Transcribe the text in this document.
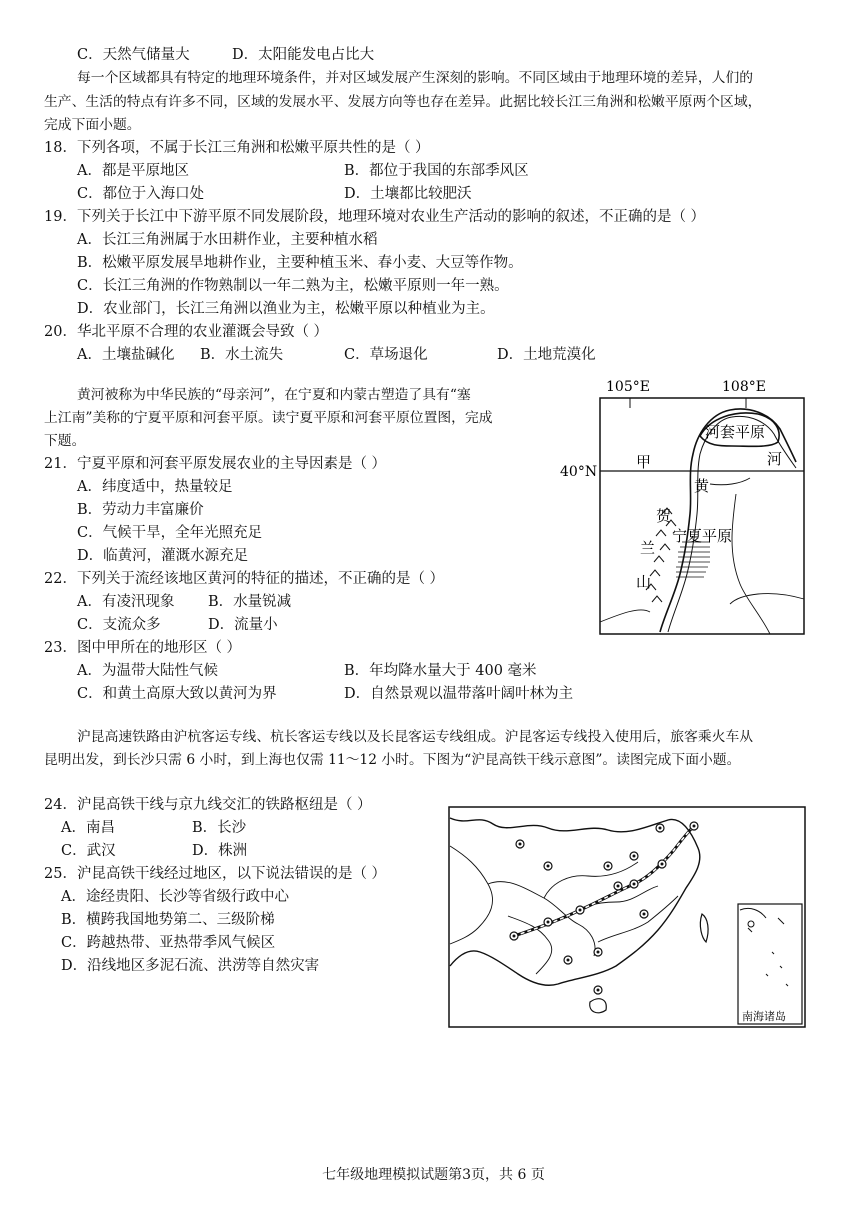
C．天然气储量大	D．太阳能发电占比大
每一个区域都具有特定的地理环境条件，并对区域发展产生深刻的影响。不同区域由于地理环境的差异，人们的
生产、生活的特点有许多不同，区域的发展水平、发展方向等也存在差异。此据比较长江三角洲和松嫩平原两个区域，
完成下面小题。
18．下列各项，不属于长江三角洲和松嫩平原共性的是（ ）
A．都是平原地区	B．都位于我国的东部季风区
C．都位于入海口处	D．土壤都比较肥沃
19．下列关于长江中下游平原不同发展阶段，地理环境对农业生产活动的影响的叙述，不正确的是（ ）
A．长江三角洲属于水田耕作业，主要种植水稻
B．松嫩平原发展旱地耕作业，主要种植玉米、春小麦、大豆等作物。
C．长江三角洲的作物熟制以一年二熟为主，松嫩平原则一年一熟。
D．农业部门，长江三角洲以渔业为主，松嫩平原以种植业为主。
20．华北平原不合理的农业灌溉会导致（ ）
A．土壤盐碱化 B．水土流失	C．草场退化	D．土地荒漠化
黄河被称为中华民族的“母亲河”，在宁夏和内蒙古塑造了具有“塞
上江南”美称的宁夏平原和河套平原。读宁夏平原和河套平原位置图，完成
下题。
21．宁夏平原和河套平原发展农业的主导因素是（ ）
A．纬度适中，热量较足
B．劳动力丰富廉价
C．气候干旱，全年光照充足
D．临黄河，灌溉水源充足
22．下列关于流经该地区黄河的特征的描述，不正确的是（ ）
A．有凌汛现象 B．水量锐减
C．支流众多	D．流量小
23．图中甲所在的地形区（ ）
A．为温带大陆性气候	B．年均降水量大于 400 毫米
C．和黄土高原大致以黄河为界	D．自然景观以温带落叶阔叶林为主
105°E	108°E
40°N
河套平原
甲
黄
河
贺
兰
山
宁夏平原
沪昆高速铁路由沪杭客运专线、杭长客运专线以及长昆客运专线组成。沪昆客运专线投入使用后，旅客乘火车从
昆明出发，到长沙只需 6 小时，到上海也仅需 11～12 小时。下图为“沪昆高铁干线示意图”。读图完成下面小题。
24．沪昆高铁干线与京九线交汇的铁路枢纽是（ ）
A．南昌	B．长沙
C．武汉	D．株洲
25．沪昆高铁干线经过地区，以下说法错误的是（ ）
A．途经贵阳、长沙等省级行政中心
B．横跨我国地势第二、三级阶梯
C．跨越热带、亚热带季风气候区
D．沿线地区多泥石流、洪涝等自然灾害
南海诸岛
七年级地理模拟试题第3页，共 6 页
